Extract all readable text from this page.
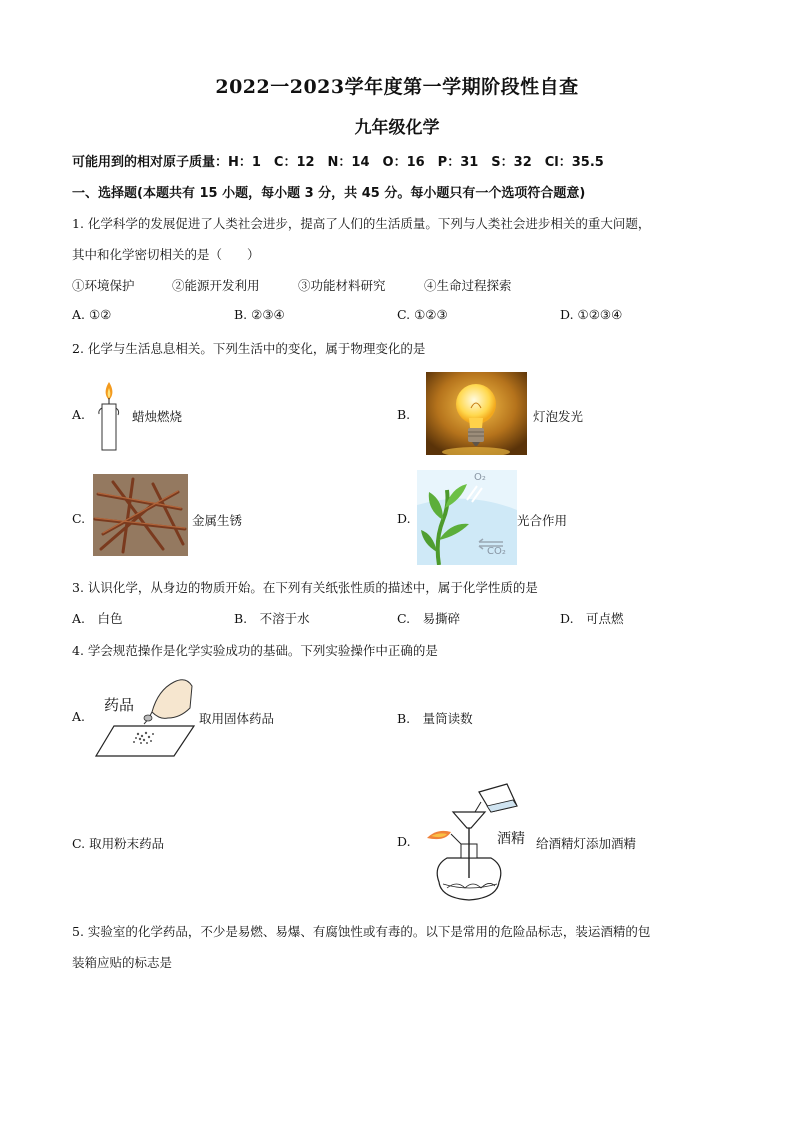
2022一2023学年度第一学期阶段性自查
九年级化学
可能用到的相对原子质量：H：1　C：12　N：14　O：16　P：31　S：32　Cl：35.5
一、选择题(本题共有 15 小题，每小题 3 分，共 45 分。每小题只有一个选项符合题意)
1. 化学科学的发展促进了人类社会进步，提高了人们的生活质量。下列与人类社会进步相关的重大问题，
其中和化学密切相关的是（　　）
①环境保护	②能源开发利用	③功能材料研究	④生命过程探索
A. ①②	B. ②③④	C. ①②③	D. ①②③④
2. 化学与生活息息相关。下列生活中的变化，属于物理变化的是
A.	蜡烛燃烧	B.	灯泡发光
C.	金属生锈	D.
O₂
CO₂
光合作用
3. 认识化学，从身边的物质开始。在下列有关纸张性质的描述中，属于化学性质的是
A.　白色	B.　不溶于水	C.　易撕碎	D.　可点燃
4. 学会规范操作是化学实验成功的基础。下列实验操作中正确的是
A.
药品
取用固体药品	B.　量筒读数
C. 取用粉末药品	D.	酒精 给酒精灯添加酒精
5. 实验室的化学药品，不少是易燃、易爆、有腐蚀性或有毒的。以下是常用的危险品标志，装运酒精的包
装箱应贴的标志是
